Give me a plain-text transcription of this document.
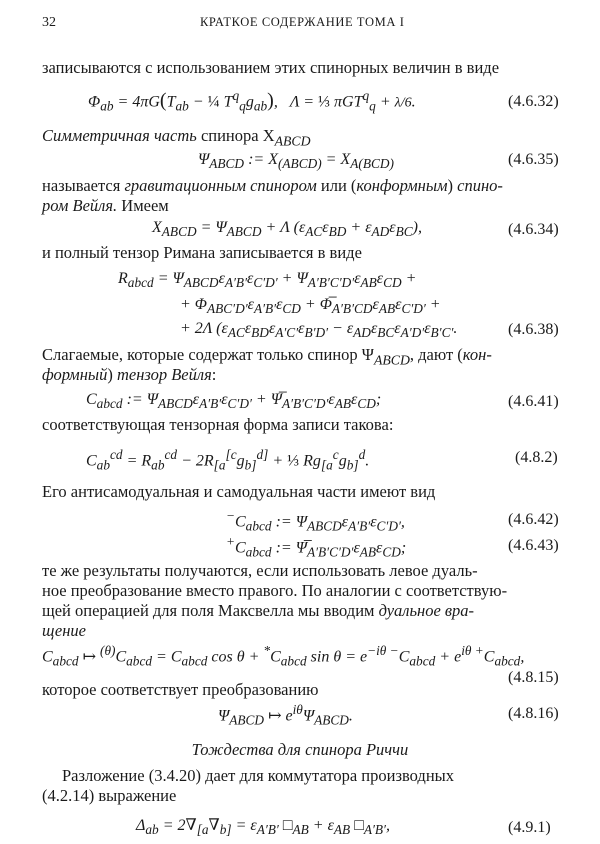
32	КРАТКОЕ СОДЕРЖАНИЕ ТОМА I
записываются с использованием этих спинорных величин в виде
$\Phi_{ab} = 4\pi G(T_{ab}$ − ¼ $T^q_qg_{ab}$),   Λ = ⅓ πGT$^q_q$ + λ/6.	(4.6.32)
Симметричная часть спинора $X_{ABCD}$
$\Psi_{ABCD}$ := $X_{(ABCD)} = X_{A(BCD)}$	(4.6.35)
называется гравитационным спинором или (конформным) спино-
ром Вейля. Имеем
$X_{ABCD} = \Psi_{ABCD} + \Lambda$ $(\varepsilon_{AC}\varepsilon_{BD} + \varepsilon_{AD}\varepsilon_{BC})$,	(4.6.34)
и полный тензор Римана записывается в виде
$R_{abcd} = \Psi_{ABCD}\varepsilon_{A'B'}\varepsilon_{C'D'} + \Psi_{A'B'C'D'}\varepsilon_{AB}\varepsilon_{CD}$ +
+ $\Phi_{ABC'D'}\varepsilon_{A'B'}\varepsilon_{CD}$ + $\Phi̅_{A'B'CD}\varepsilon_{AB}\varepsilon_{C'D'}$ +
+ 2Λ ($\varepsilon_{AC}\varepsilon_{BD}\varepsilon_{A'C'}\varepsilon_{B'D'} - \varepsilon_{AD}\varepsilon_{BC}\varepsilon_{A'D'}\varepsilon_{B'C'}$.	(4.6.38)
Слагаемые, которые содержат только спинор $\Psi_{ABCD}$, дают (кон-
формный) тензор Вейля:
$C_{abcd}$ := $\Psi_{ABCD}\varepsilon_{A'B'}\varepsilon_{C'D'}$ + $\Psi̅_{A'B'C'D'}\varepsilon_{AB}\varepsilon_{CD}$;	(4.6.41)
соответствующая тензорная форма записи такова:
$C_{ab}^{cd} = R_{ab}^{cd} - 2R_{[a}^{[c}g_{b]}^{d]}$ + ⅓ $Rg_{[a}^cg_{b]}^d$.	(4.8.2)
Его антисамодуальная и самодуальная части имеют вид
$^-C_{abcd}$ := $\Psi_{ABCD}\varepsilon_{A'B'}\varepsilon_{C'D'}$,	(4.6.42)
$^+C_{abcd}$ := $\Psi̅_{A'B'C'D'}\varepsilon_{AB}\varepsilon_{CD}$;	(4.6.43)
те же результаты получаются, если использовать левое дуаль-
ное преобразование вместо правого. По аналогии с соответствую-
щей операцией для поля Максвелла мы вводим дуальное вра-
щение
$C_{abcd}$ ↦ $^{(\theta)}C_{abcd} = C_{abcd}$ $\cos \theta + ^*C_{abcd}$ $\sin \theta = e^{-i\theta -}C_{abcd} + e^{i\theta +}C_{abcd}$,
(4.8.15)
которое соответствует преобразованию
$\Psi_{ABCD}$ ↦ $e^{i\theta}\Psi_{ABCD}$.	(4.8.16)
Тождества для спинора Риччи
Разложение (3.4.20) дает для коммутатора производных
(4.2.14) выражение
$\Delta_{ab} = 2\nabla_{[a}\nabla_{b]} = \varepsilon_{A'B'}$ $□_{AB} + \varepsilon_{AB}$ $□_{A'B'}$,	(4.9.1)
